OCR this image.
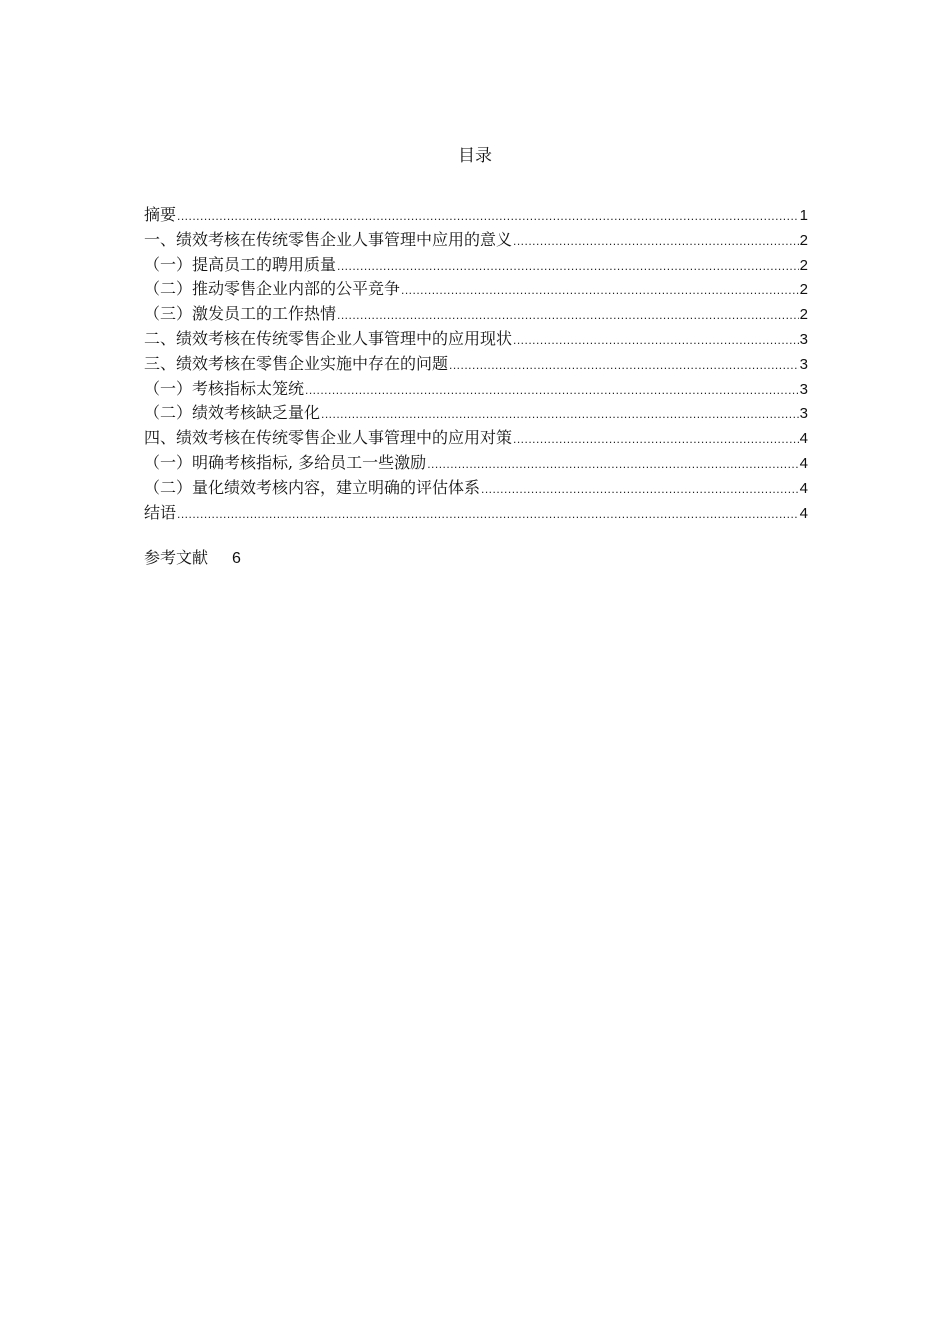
目录
摘要 .....	1
一、绩效考核在传统零售企业人事管理中应用的意义 .....	2
（一）提高员工的聘用质量 .....	2
（二）推动零售企业内部的公平竞争 .....	2
（三）激发员工的工作热情 .....	2
二、绩效考核在传统零售企业人事管理中的应用现状 .....	3
三、绩效考核在零售企业实施中存在的问题 .....	3
（一）考核指标太笼统 .....	3
（二）绩效考核缺乏量化 .....	3
四、绩效考核在传统零售企业人事管理中的应用对策 .....	4
（一）明确考核指标, 多给员工一些激励 .....	4
（二）量化绩效考核内容，建立明确的评估体系 .....	4
结语 .....	4
参考文献 6
